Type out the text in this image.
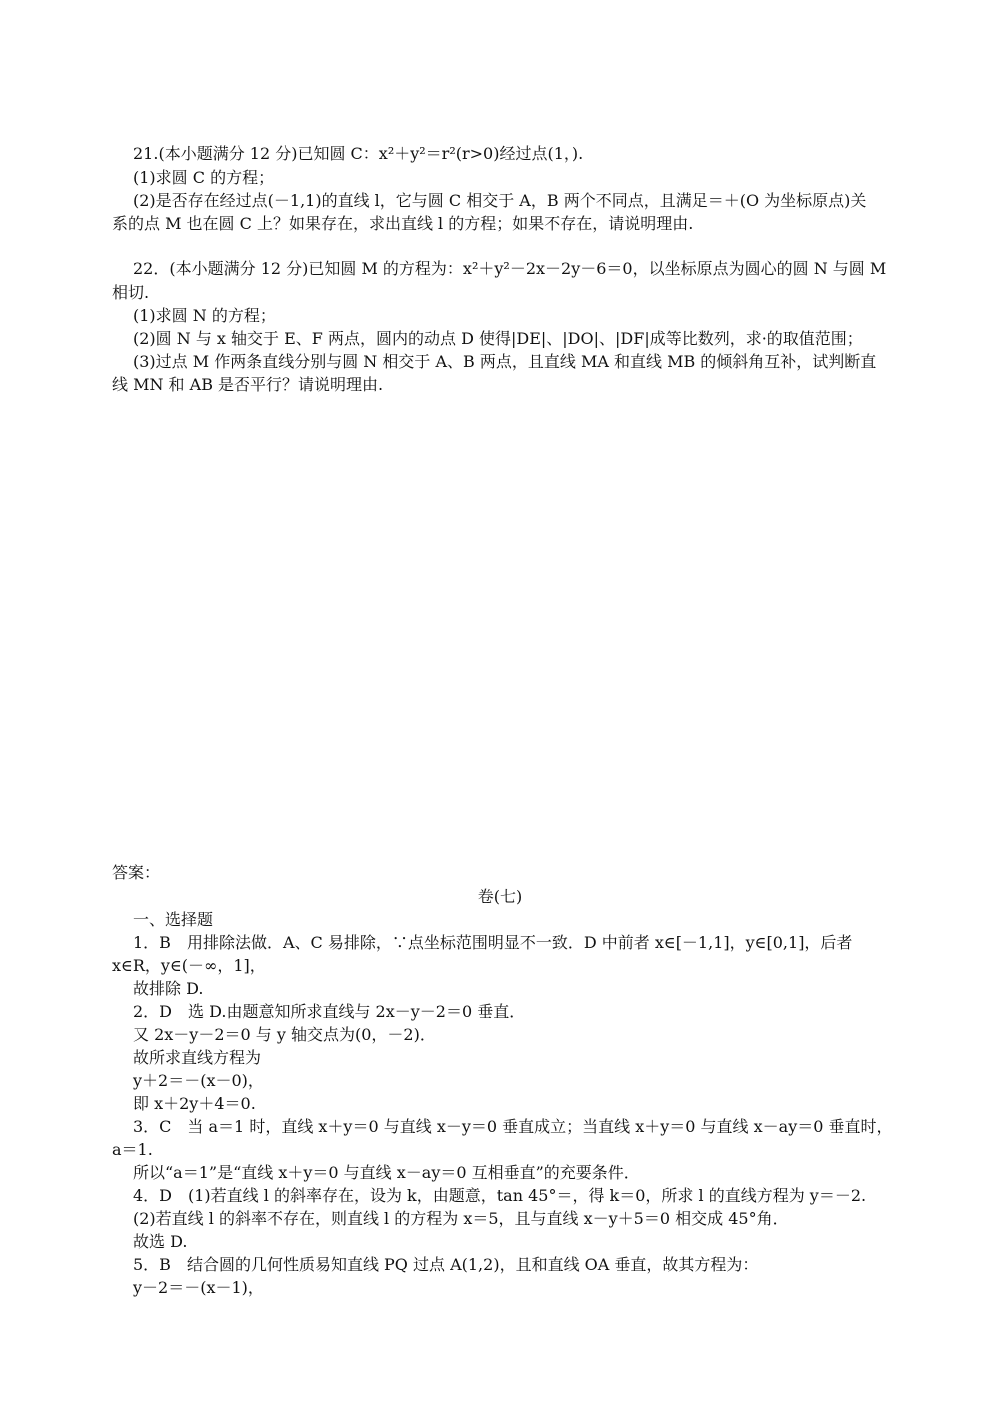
21.(本小题满分 12 分)已知圆 C：x²＋y²＝r²(r>0)经过点(1，).
(1)求圆 C 的方程；
(2)是否存在经过点(－1,1)的直线 l，它与圆 C 相交于 A，B 两个不同点，且满足＝＋(O 为坐标原点)关
系的点 M 也在圆 C 上？如果存在，求出直线 l 的方程；如果不存在，请说明理由.
22．(本小题满分 12 分)已知圆 M 的方程为：x²＋y²－2x－2y－6＝0，以坐标原点为圆心的圆 N 与圆 M
相切.
(1)求圆 N 的方程；
(2)圆 N 与 x 轴交于 E、F 两点，圆内的动点 D 使得|DE|、|DO|、|DF|成等比数列，求·的取值范围；
(3)过点 M 作两条直线分别与圆 N 相交于 A、B 两点，且直线 MA 和直线 MB 的倾斜角互补，试判断直
线 MN 和 AB 是否平行？请说明理由.
答案：
卷(七)
一、选择题
1．B　用排除法做．A、C 易排除，∵点坐标范围明显不一致．D 中前者 x∈[－1,1]，y∈[0,1]，后者
x∈R，y∈(－∞，1]，
故排除 D.
2．D　选 D.由题意知所求直线与 2x－y－2＝0 垂直．
又 2x－y－2＝0 与 y 轴交点为(0，－2)．
故所求直线方程为
y＋2＝－(x－0)，
即 x＋2y＋4＝0.
3．C　当 a＝1 时，直线 x＋y＝0 与直线 x－y＝0 垂直成立；当直线 x＋y＝0 与直线 x－ay＝0 垂直时，
a＝1.
所以“a＝1”是“直线 x＋y＝0 与直线 x－ay＝0 互相垂直”的充要条件．
4．D　(1)若直线 l 的斜率存在，设为 k，由题意，tan 45°＝，得 k＝0，所求 l 的直线方程为 y＝－2.
(2)若直线 l 的斜率不存在，则直线 l 的方程为 x＝5，且与直线 x－y＋5＝0 相交成 45°角．
故选 D.
5．B　结合圆的几何性质易知直线 PQ 过点 A(1,2)，且和直线 OA 垂直，故其方程为：
y－2＝－(x－1)，
